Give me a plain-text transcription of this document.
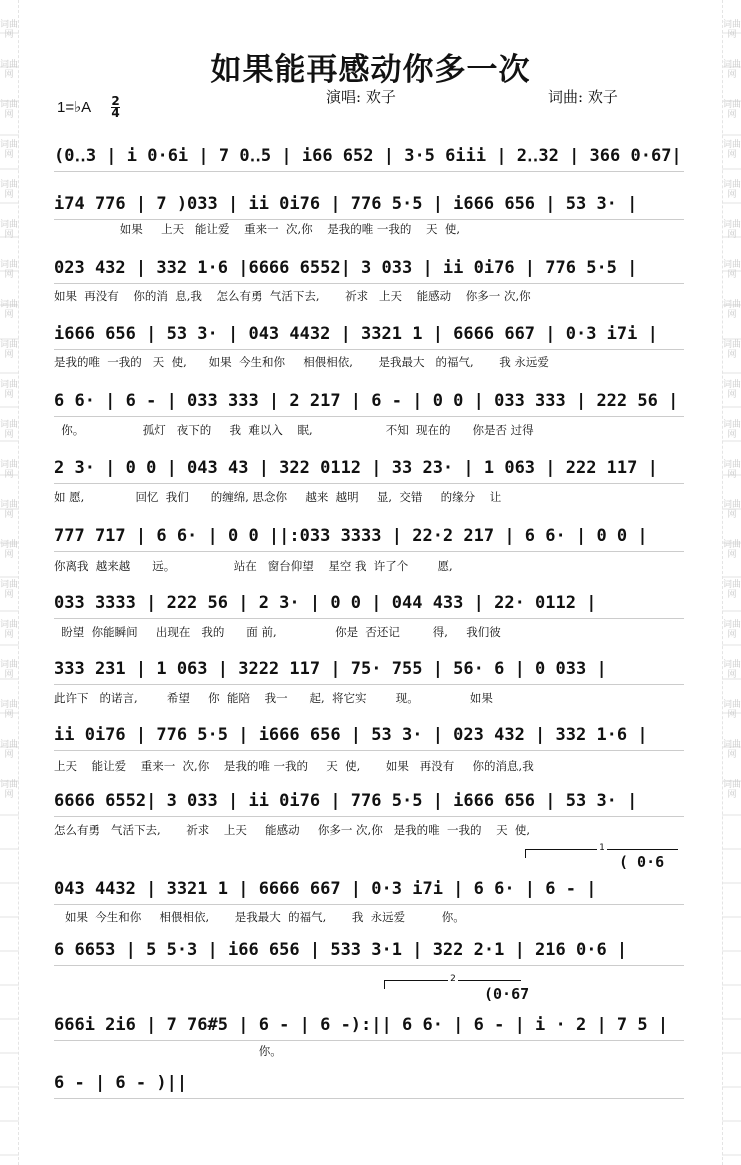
词曲网
词曲网
词曲网
词曲网
词曲网
词曲网
词曲网
词曲网
词曲网
词曲网
词曲网
词曲网
词曲网
词曲网
词曲网
词曲网
词曲网
词曲网
词曲网
词曲网
词曲网
词曲网
词曲网
词曲网
词曲网
词曲网
词曲网
词曲网
词曲网
词曲网
词曲网
词曲网
词曲网
词曲网
词曲网
词曲网
词曲网
词曲网
词曲网
词曲网
如果能再感动你多一次
1=♭A 2
4
演唱: 欢子	词曲: 欢子
(0‥3 | i 0·6i | 7 0‥5 | i66 652 | 3·5 6iii | 2‥32 | 366 0·67|
i74 776 | 7 )033 | ii 0i76 | 776 5·5 | i666 656 | 53 3· |
如果     上天   能让爱    重来一  次,你    是我的唯 一我的    天  使,
023 432 | 332 1·6 |6666 6552| 3 033 | ii 0i76 | 776 5·5 |
如果  再没有    你的消  息,我    怎么有勇  气活下去,       祈求   上天    能感动    你多一 次,你
i666 656 | 53 3· | 043 4432 | 3321 1 | 6666 667 | 0·3 i7i |
是我的唯  一我的   天  使,      如果  今生和你     相偎相依,       是我最大   的福气,       我 永远爱
6 6· | 6 - | 033 333 | 2 217 | 6 - | 0 0 | 033 333 | 222 56 |
你。                孤灯   夜下的     我  难以入    眠,                    不知  现在的      你是否 过得
2 3· | 0 0 | 043 43 | 322 0112 | 33 23· | 1 063 | 222 117 |
如 愿,              回忆  我们      的缠绵, 思念你     越来  越明     显,  交错     的缘分    让
777 717 | 6 6· | 0 0 ||:033 3333 | 22·2 217 | 6 6· | 0 0 |
你离我  越来越      远。                站在   窗台仰望    星空 我  许了个        愿,
033 3333 | 222 56 | 2 3· | 0 0 | 044 433 | 22· 0112 |
盼望  你能瞬间     出现在   我的      面 前,                你是  否还记         得,     我们彼
333 231 | 1 063 | 3222 117 | 75· 755 | 56· 6 | 0 033 |
此许下   的诺言,        希望     你  能陪    我一      起,  将它实        现。              如果
ii 0i76 | 776 5·5 | i666 656 | 53 3· | 023 432 | 332 1·6 |
上天    能让爱    重来一  次,你    是我的唯 一我的     天  使,       如果   再没有     你的消息,我
6666 6552| 3 033 | ii 0i76 | 776 5·5 | i666 656 | 53 3· |
怎么有勇   气活下去,       祈求    上天     能感动     你多一 次,你   是我的唯  一我的    天  使,
1
( 0·6
043 4432 | 3321 1 | 6666 667 | 0·3 i7i | 6 6· | 6 - |
如果  今生和你     相偎相依,       是我最大  的福气,       我  永远爱          你。
6 6653 | 5 5·3 | i66 656 | 533 3·1 | 322 2·1 | 216 0·6 |
2
(0·67
666i 2i6 | 7 76#5 | 6 - | 6 -):|| 6 6· | 6 - | i · 2 | 7 5 |
你。
6 - | 6 - )||
